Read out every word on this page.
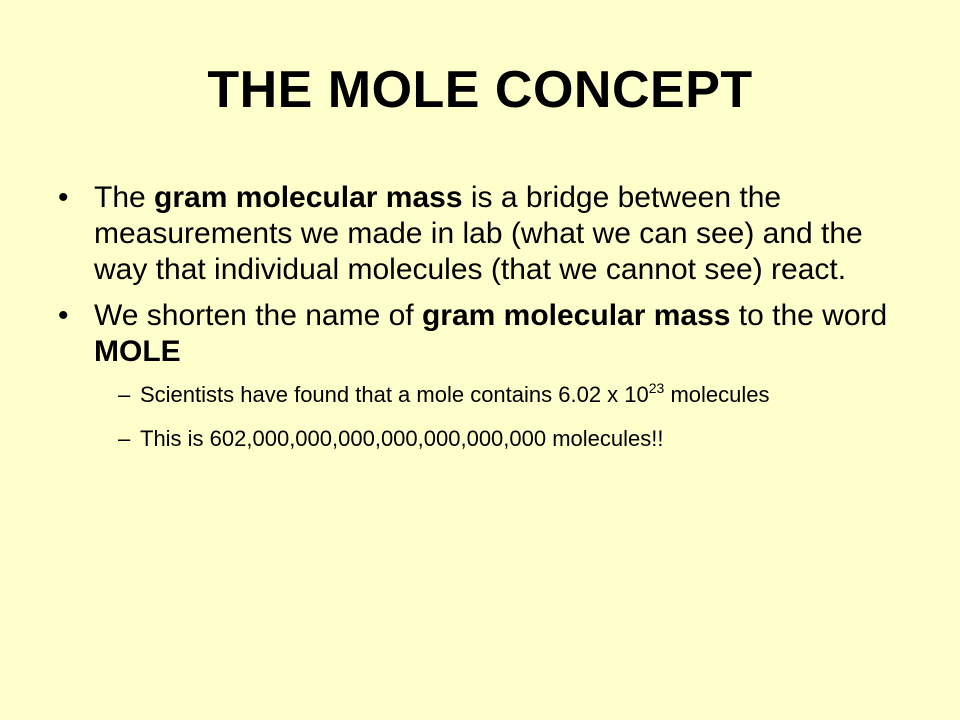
THE MOLE CONCEPT
• The gram molecular mass is a bridge between the measurements we made in lab (what we can see) and the way that individual molecules (that we cannot see) react.
• We shorten the name of gram molecular mass to the word MOLE
– Scientists have found that a mole contains 6.02 x $10^{23}$ molecules
– This is 602,000,000,000,000,000,000,000 molecules!!
